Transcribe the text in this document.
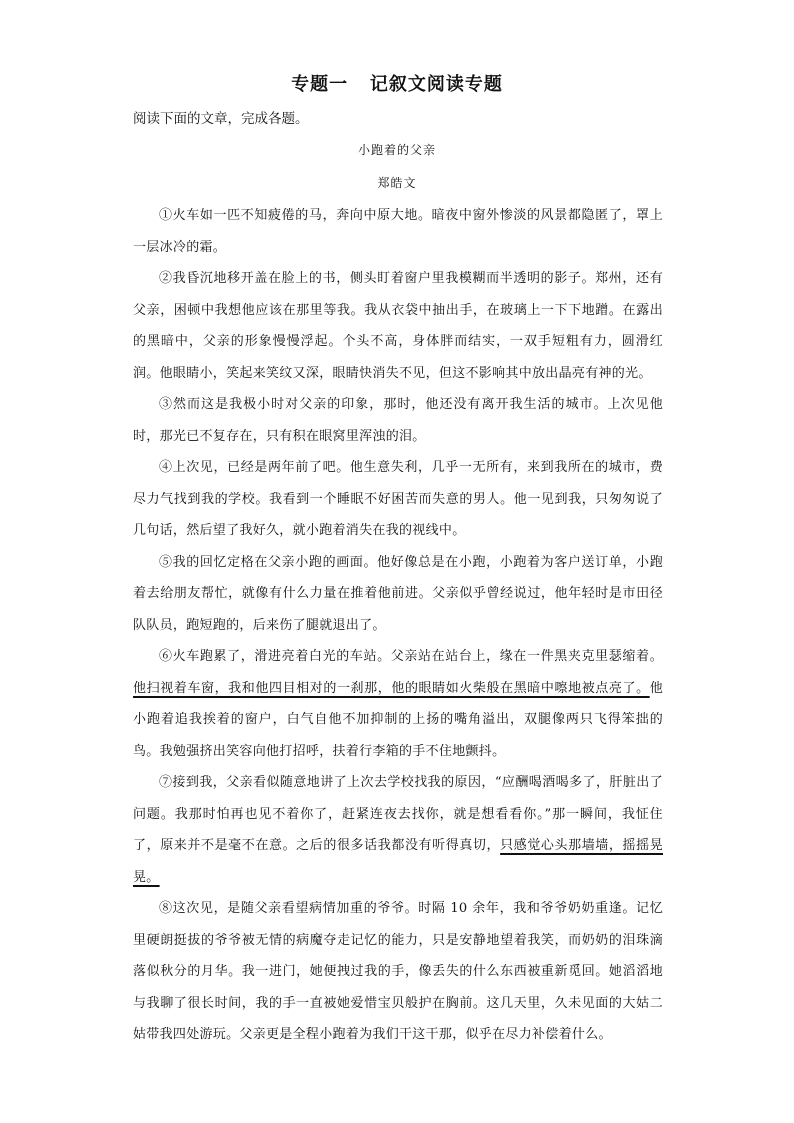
专题一   记叙文阅读专题
阅读下面的文章，完成各题。
小跑着的父亲
郑皓文

①火车如一匹不知疲倦的马，奔向中原大地。暗夜中窗外惨淡的风景都隐匿了，罩上一层冰冷的霜。

②我昏沉地移开盖在脸上的书，侧头盯着窗户里我模糊而半透明的影子。郑州，还有父亲，困顿中我想他应该在那里等我。我从衣袋中抽出手，在玻璃上一下下地蹭。在露出的黑暗中，父亲的形象慢慢浮起。个头不高，身体胖而结实，一双手短粗有力，圆滑红润。他眼睛小，笑起来笑纹又深，眼睛快消失不见，但这不影响其中放出晶亮有神的光。

③然而这是我极小时对父亲的印象，那时，他还没有离开我生活的城市。上次见他时，那光已不复存在，只有积在眼窝里浑浊的泪。

④上次见，已经是两年前了吧。他生意失利，几乎一无所有，来到我所在的城市，费尽力气找到我的学校。我看到一个睡眠不好困苦而失意的男人。他一见到我，只匆匆说了几句话，然后望了我好久，就小跑着消失在我的视线中。

⑤我的回忆定格在父亲小跑的画面。他好像总是在小跑，小跑着为客户送订单，小跑着去给朋友帮忙，就像有什么力量在推着他前进。父亲似乎曾经说过，他年轻时是市田径队队员，跑短跑的，后来伤了腿就退出了。

⑥火车跑累了，滑进亮着白光的车站。父亲站在站台上，缘在一件黑夹克里瑟缩着。他扫视着车窗，我和他四目相对的一刹那，他的眼睛如火柴般在黑暗中嚓地被点亮了。他小跑着追我挨着的窗户，白气自他不加抑制的上扬的嘴角溢出，双腿像两只飞得笨拙的鸟。我勉强挤出笑容向他打招呼，扶着行李箱的手不住地颤抖。

⑦接到我，父亲看似随意地讲了上次去学校找我的原因，“应酬喝酒喝多了，肝脏出了问题。我那时怕再也见不着你了，赶紧连夜去找你，就是想看看你。”那一瞬间，我怔住了，原来并不是毫不在意。之后的很多话我都没有听得真切，只感觉心头那墙墙，摇摇晃晃。

⑧这次见，是随父亲看望病情加重的爷爷。时隔 10 余年，我和爷爷奶奶重逢。记忆里硬朗挺拔的爷爷被无情的病魔夺走记忆的能力，只是安静地望着我笑，而奶奶的泪珠滴落似秋分的月华。我一进门，她便拽过我的手，像丢失的什么东西被重新觅回。她滔滔地与我聊了很长时间，我的手一直被她爱惜宝贝般护在胸前。这几天里，久未见面的大姑二姑带我四处游玩。父亲更是全程小跑着为我们干这干那，似乎在尽力补偿着什么。
